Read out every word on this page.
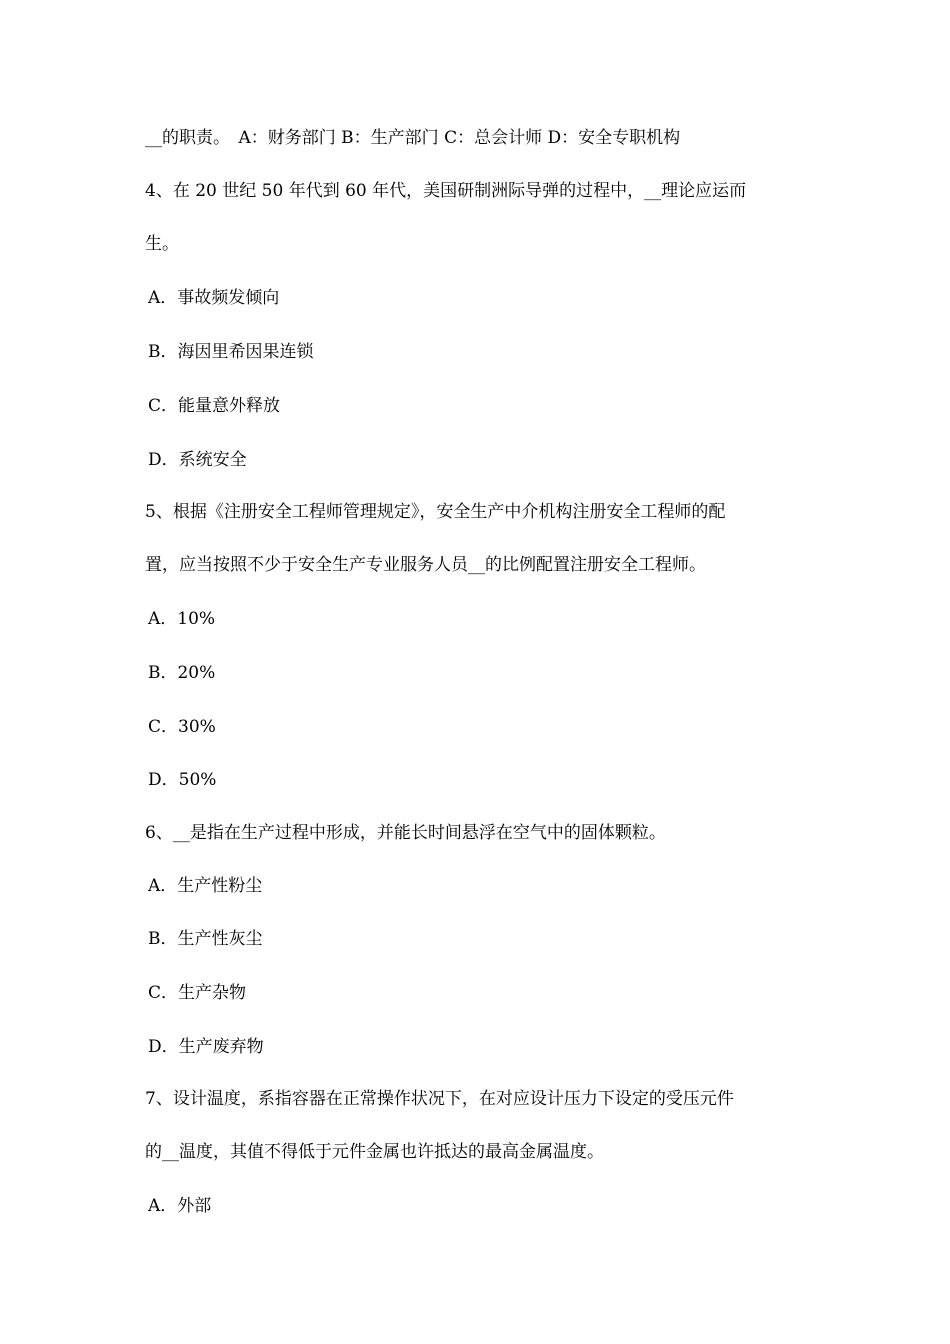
__的职责。　A：财务部门 B：生产部门 C：总会计师 D：安全专职机构
4、在 20 世纪 50 年代到 60 年代，美国研制洲际导弹的过程中，__理论应运而
生。
A．事故频发倾向
B．海因里希因果连锁
C．能量意外释放
D．系统安全
5、根据《注册安全工程师管理规定》，安全生产中介机构注册安全工程师的配
置，应当按照不少于安全生产专业服务人员__的比例配置注册安全工程师。
A．10%
B．20%
C．30%
D．50%
6、__是指在生产过程中形成，并能长时间悬浮在空气中的固体颗粒。
A．生产性粉尘
B．生产性灰尘
C．生产杂物
D．生产废弃物
7、设计温度，系指容器在正常操作状况下，在对应设计压力下设定的受压元件
的__温度，其值不得低于元件金属也许抵达的最高金属温度。
A．外部
